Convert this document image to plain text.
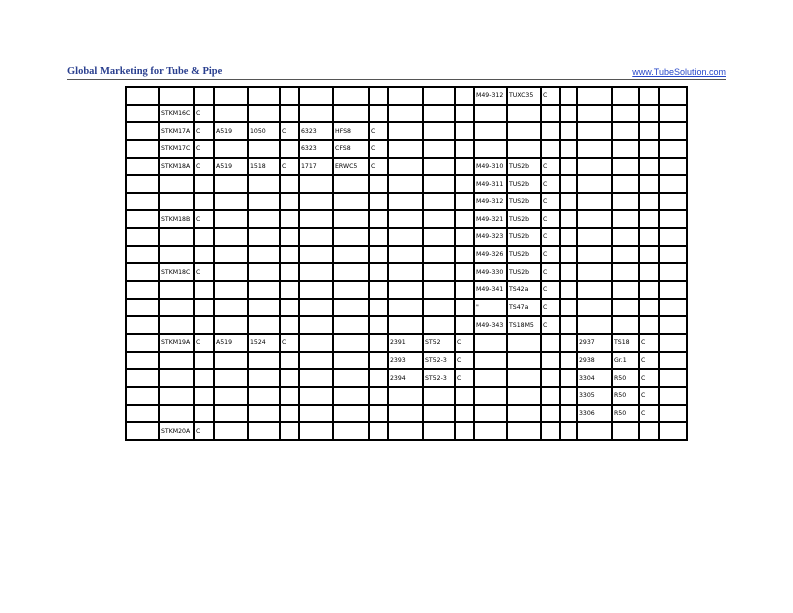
Global Marketing for Tube & Pipe	www.TubeSolution.com
												M49-312	TUXC35	C					
	STKM16C	C																	
	STKM17A	C	A519	1050	C	6323	HFS8	C											
	STKM17C	C				6323	CFS8	C											
	STKM18A	C	A519	1518	C	1717	ERWC5	C				M49-310	TUS2b	C					
												M49-311	TUS2b	C					
												M49-312	TUS2b	C					
	STKM18B	C										M49-321	TUS2b	C					
												M49-323	TUS2b	C					
												M49-326	TUS2b	C					
	STKM18C	C										M49-330	TUS2b	C					
												M49-341	TS42a	C					
												"	TS47a	C					
												M49-343	TS18M5	C					
	STKM19A	C	A519	1524	C				2391	ST52	C					2937	TS18	C	
									2393	ST52-3	C					2938	Gr.1	C	
									2394	ST52-3	C					3304	R50	C	
																3305	R50	C	
																3306	R50	C	
	STKM20A	C																	
